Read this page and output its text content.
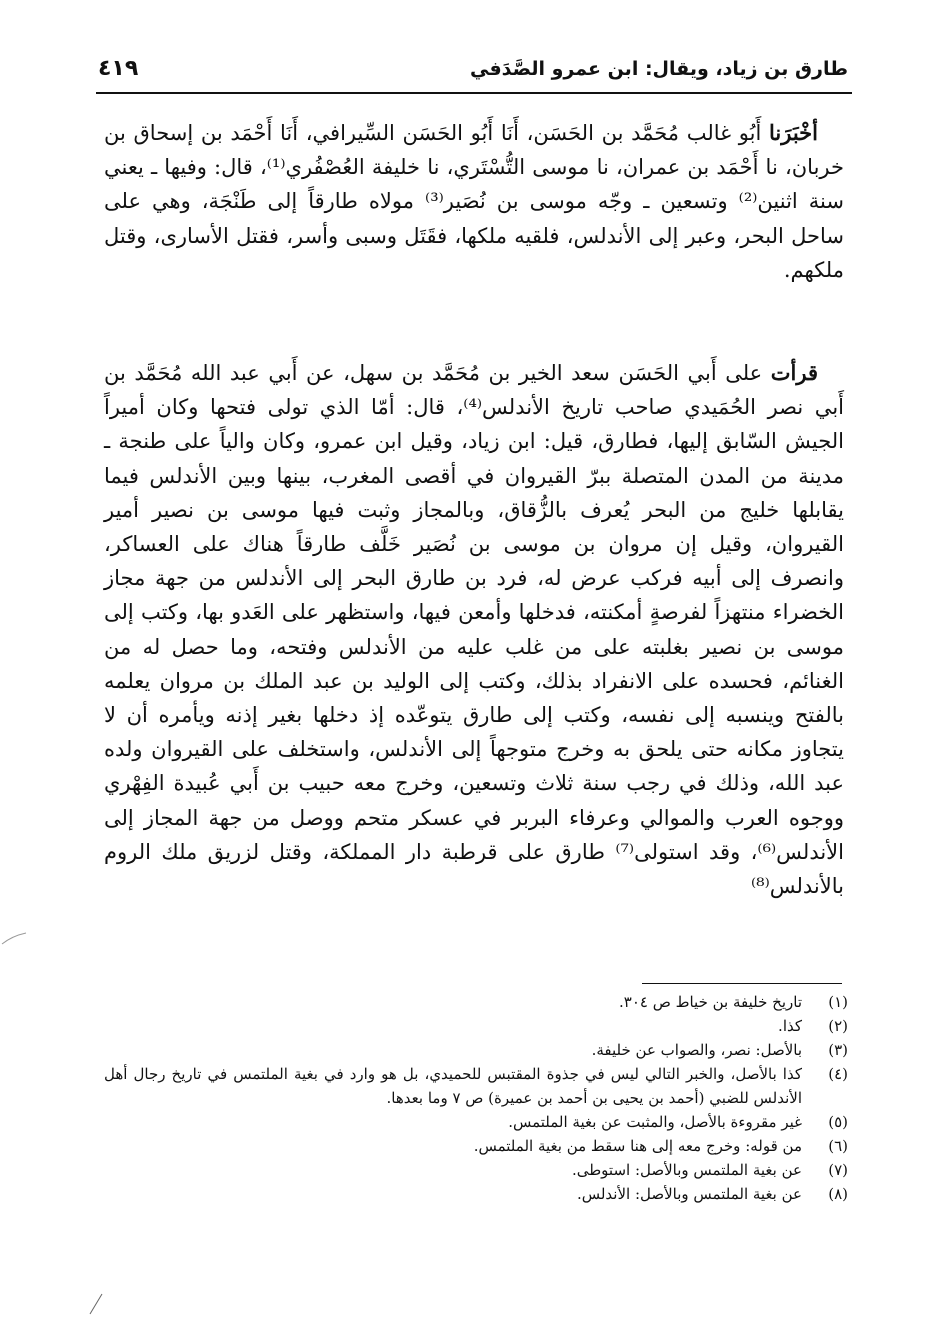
طارق بن زياد، ويقال: ابن عمرو الصَّدَفي
٤١٩

أخْبَرَنا أَبُو غالب مُحَمَّد بن الحَسَن، أَنَا أَبُو الحَسَن السِّيرافي، أَنَا أَحْمَد بن إسحاق بن خربان، نا أَحْمَد بن عمران، نا موسى التُّسْتَري، نا خليفة العُصْفُري⁽¹⁾، قال: وفيها ـ يعني سنة اثنين⁽²⁾ وتسعين ـ وجّه موسى بن نُصَير⁽³⁾ مولاه طارقاً إلى طَنْجَة، وهي على ساحل البحر، وعبر إلى الأندلس، فلقيه ملكها، فقَتَل وسبى وأسر، فقتل الأسارى، وقتل ملكهم.

قرأت على أَبي الحَسَن سعد الخير بن مُحَمَّد بن سهل، عن أَبي عبد الله مُحَمَّد بن أَبي نصر الحُمَيدي صاحب تاريخ الأندلس⁽⁴⁾، قال: أمّا الذي تولى فتحها وكان أميراً الجيش السّابق إليها، فطارق، قيل: ابن زياد، وقيل ابن عمرو، وكان والياً على طنجة ـ مدينة من المدن المتصلة ببرّ القيروان في أقصى المغرب، بينها وبين الأندلس فيما يقابلها خليج من البحر يُعرف بالزُّقاق، وبالمجاز وثبت فيها موسى بن نصير أمير القيروان، وقيل إن مروان بن موسى بن نُصَير خَلَّف طارقاً هناك على العساكر، وانصرف إلى أبيه فركب عرض له، فرد بن طارق البحر إلى الأندلس من جهة مجاز الخضراء منتهزاً لفرصةٍ أمكنته، فدخلها وأمعن فيها، واستظهر على العَدو بها، وكتب إلى موسى بن نصير بغلبته على من غلب عليه من الأندلس وفتحه، وما حصل له من الغنائم، فحسده على الانفراد بذلك، وكتب إلى الوليد بن عبد الملك بن مروان يعلمه بالفتح وينسبه إلى نفسه، وكتب إلى طارق يتوعّده إذ دخلها بغير إذنه ويأمره أن لا يتجاوز مكانه حتى يلحق به وخرج متوجهاً إلى الأندلس، واستخلف على القيروان ولده عبد الله، وذلك في رجب سنة ثلاث وتسعين، وخرج معه حبيب بن أَبي عُبيدة الفِهْري ووجوه العرب والموالي وعرفاء البربر في عسكر متحم ووصل من جهة المجاز إلى الأندلس⁽⁶⁾، وقد استولى⁽⁷⁾ طارق على قرطبة دار المملكة، وقتل لزريق ملك الروم بالأندلس⁽⁸⁾

(١)
تاريخ خليفة بن خياط ص ٣٠٤.
(٢)
كذا.
(٣)
بالأصل: نصر، والصواب عن خليفة.
(٤)
كذا بالأصل، والخبر التالي ليس في جذوة المقتبس للحميدي، بل هو وارد في بغية الملتمس في تاريخ رجال أهل الأندلس للضبي (أحمد بن يحيى بن أحمد بن عميرة) ص ٧ وما بعدها.
(٥)
غير مقروءة بالأصل، والمثبت عن بغية الملتمس.
(٦)
من قوله: وخرج معه إلى هنا سقط من بغية الملتمس.
(٧)
عن بغية الملتمس وبالأصل: استوطى.
(٨)
عن بغية الملتمس وبالأصل: الأندلس.
